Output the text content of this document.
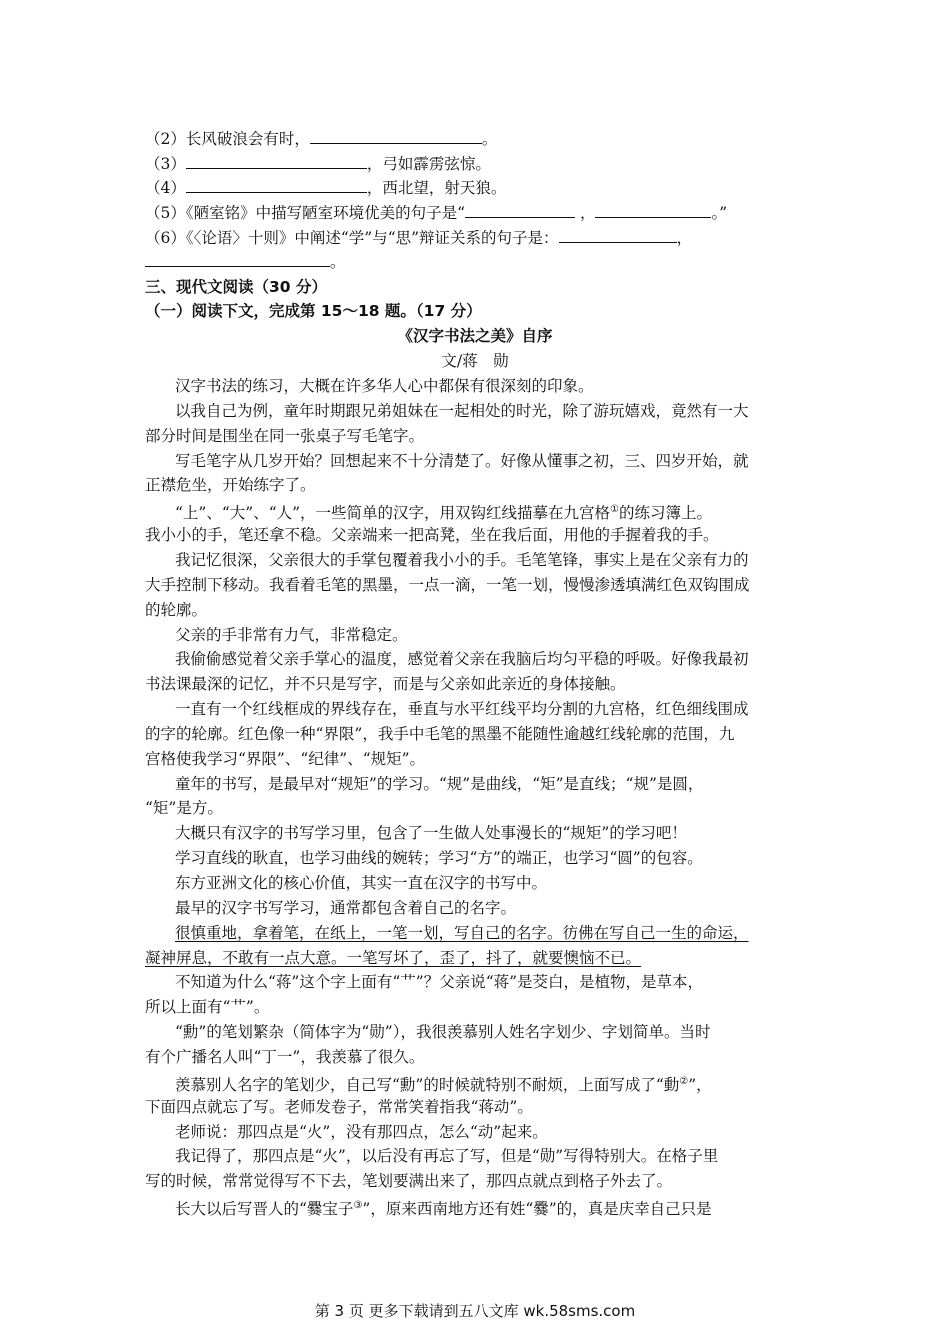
（2）长风破浪会有时，	。
（3）	，弓如霹雳弦惊。
（4）	，西北望，射天狼。
（5）《陋室铭》中描写陋室环境优美的句子是“	，	。”
（6）《〈论语〉十则》中阐述“学”与“思”辩证关系的句子是：	，
。
三、现代文阅读（30 分）
（一）阅读下文，完成第 15～18 题。（17 分）
《汉字书法之美》自序
文/蒋　勋
汉字书法的练习，大概在许多华人心中都保有很深刻的印象。
以我自己为例，童年时期跟兄弟姐妹在一起相处的时光，除了游玩嬉戏，竟然有一大
部分时间是围坐在同一张桌子写毛笔字。
写毛笔字从几岁开始？回想起来不十分清楚了。好像从懂事之初，三、四岁开始，就
正襟危坐，开始练字了。
“上”、“大”、“人”，一些简单的汉字，用双钩红线描摹在九宫格①的练习簿上。
我小小的手，笔还拿不稳。父亲端来一把高凳，坐在我后面，用他的手握着我的手。
我记忆很深，父亲很大的手掌包覆着我小小的手。毛笔笔锋，事实上是在父亲有力的
大手控制下移动。我看着毛笔的黑墨，一点一滴，一笔一划，慢慢渗透填满红色双钩围成
的轮廓。
父亲的手非常有力气，非常稳定。
我偷偷感觉着父亲手掌心的温度，感觉着父亲在我脑后均匀平稳的呼吸。好像我最初
书法课最深的记忆，并不只是写字，而是与父亲如此亲近的身体接触。
一直有一个红线框成的界线存在，垂直与水平红线平均分割的九宫格，红色细线围成
的字的轮廓。红色像一种“界限”，我手中毛笔的黑墨不能随性逾越红线轮廓的范围，九
宫格使我学习“界限”、“纪律”、“规矩”。
童年的书写，是最早对“规矩”的学习。“规”是曲线，“矩”是直线；“规”是圆，
“矩”是方。
大概只有汉字的书写学习里，包含了一生做人处事漫长的“规矩”的学习吧！
学习直线的耿直，也学习曲线的婉转；学习“方”的端正，也学习“圆”的包容。
东方亚洲文化的核心价值，其实一直在汉字的书写中。
最早的汉字书写学习，通常都包含着自己的名字。
很慎重地，拿着笔，在纸上，一笔一划，写自己的名字。彷佛在写自己一生的命运，
凝神屏息，不敢有一点大意。一笔写坏了，歪了，抖了，就要懊恼不已。
不知道为什么“蒋”这个字上面有“艹”？父亲说“蒋”是茭白，是植物，是草本，
所以上面有“艹”。
“勳”的笔划繁杂（简体字为“勋”），我很羡慕别人姓名字划少、字划简单。当时
有个广播名人叫“丁一”，我羡慕了很久。
羡慕别人名字的笔划少，自己写“勳”的时候就特别不耐烦，上面写成了“動②”，
下面四点就忘了写。老师发卷子，常常笑着指我“蒋动”。
老师说：那四点是“火”，没有那四点，怎么“动”起来。
我记得了，那四点是“火”，以后没有再忘了写，但是“勋”写得特别大。在格子里
写的时候，常常觉得写不下去，笔划要满出来了，那四点就点到格子外去了。
长大以后写晋人的“爨宝子③”，原来西南地方还有姓“爨”的，真是庆幸自己只是
第 3 页 更多下载请到五八文库 wk.58sms.com
